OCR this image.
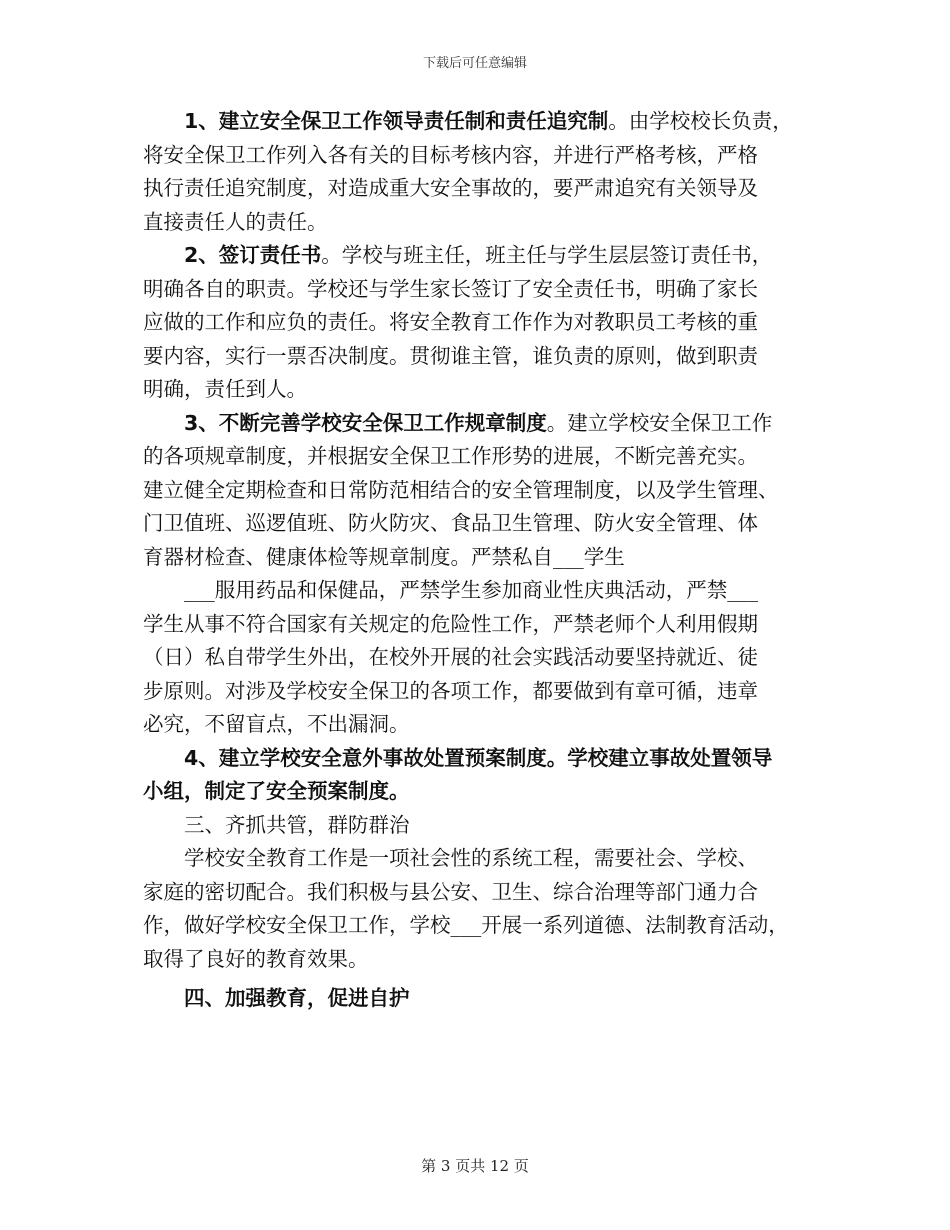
下载后可任意编辑
1、建立安全保卫工作领导责任制和责任追究制。由学校校长负责，
将安全保卫工作列入各有关的目标考核内容，并进行严格考核，严格
执行责任追究制度，对造成重大安全事故的，要严肃追究有关领导及
直接责任人的责任。
2、签订责任书。学校与班主任，班主任与学生层层签订责任书，
明确各自的职责。学校还与学生家长签订了安全责任书，明确了家长
应做的工作和应负的责任。将安全教育工作作为对教职员工考核的重
要内容，实行一票否决制度。贯彻谁主管，谁负责的原则，做到职责
明确，责任到人。
3、不断完善学校安全保卫工作规章制度。建立学校安全保卫工作
的各项规章制度，并根据安全保卫工作形势的进展，不断完善充实。
建立健全定期检查和日常防范相结合的安全管理制度，以及学生管理、
门卫值班、巡逻值班、防火防灾、食品卫生管理、防火安全管理、体
育器材检查、健康体检等规章制度。严禁私自___学生
___服用药品和保健品，严禁学生参加商业性庆典活动，严禁___
学生从事不符合国家有关规定的危险性工作，严禁老师个人利用假期
（日）私自带学生外出，在校外开展的社会实践活动要坚持就近、徒
步原则。对涉及学校安全保卫的各项工作，都要做到有章可循，违章
必究，不留盲点，不出漏洞。
4、建立学校安全意外事故处置预案制度。学校建立事故处置领导
小组，制定了安全预案制度。
三、齐抓共管，群防群治
学校安全教育工作是一项社会性的系统工程，需要社会、学校、
家庭的密切配合。我们积极与县公安、卫生、综合治理等部门通力合
作，做好学校安全保卫工作，学校___开展一系列道德、法制教育活动，
取得了良好的教育效果。
四、加强教育，促进自护
第 3 页共 12 页
